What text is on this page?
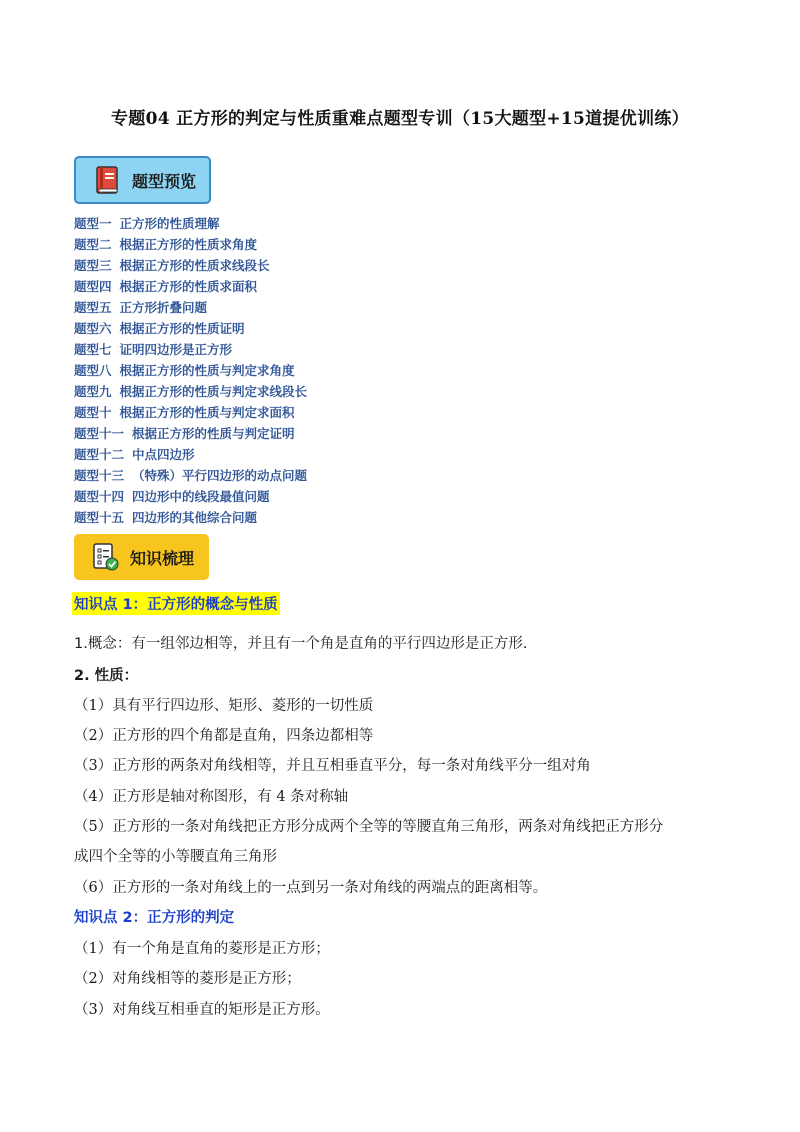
专题04 正方形的判定与性质重难点题型专训（15大题型+15道提优训练）
题型预览
题型一 正方形的性质理解
题型二 根据正方形的性质求角度
题型三 根据正方形的性质求线段长
题型四 根据正方形的性质求面积
题型五 正方形折叠问题
题型六 根据正方形的性质证明
题型七 证明四边形是正方形
题型八 根据正方形的性质与判定求角度
题型九 根据正方形的性质与判定求线段长
题型十 根据正方形的性质与判定求面积
题型十一 根据正方形的性质与判定证明
题型十二 中点四边形
题型十三 （特殊）平行四边形的动点问题
题型十四 四边形中的线段最值问题
题型十五 四边形的其他综合问题
知识梳理
知识点 1：正方形的概念与性质
1.概念：有一组邻边相等，并且有一个角是直角的平行四边形是正方形.
2. 性质：
（1）具有平行四边形、矩形、菱形的一切性质
（2）正方形的四个角都是直角，四条边都相等
（3）正方形的两条对角线相等，并且互相垂直平分，每一条对角线平分一组对角
（4）正方形是轴对称图形，有 4 条对称轴
（5）正方形的一条对角线把正方形分成两个全等的等腰直角三角形，两条对角线把正方形分
成四个全等的小等腰直角三角形
（6）正方形的一条对角线上的一点到另一条对角线的两端点的距离相等。
知识点 2：正方形的判定
（1）有一个角是直角的菱形是正方形；
（2）对角线相等的菱形是正方形；
（3）对角线互相垂直的矩形是正方形。
